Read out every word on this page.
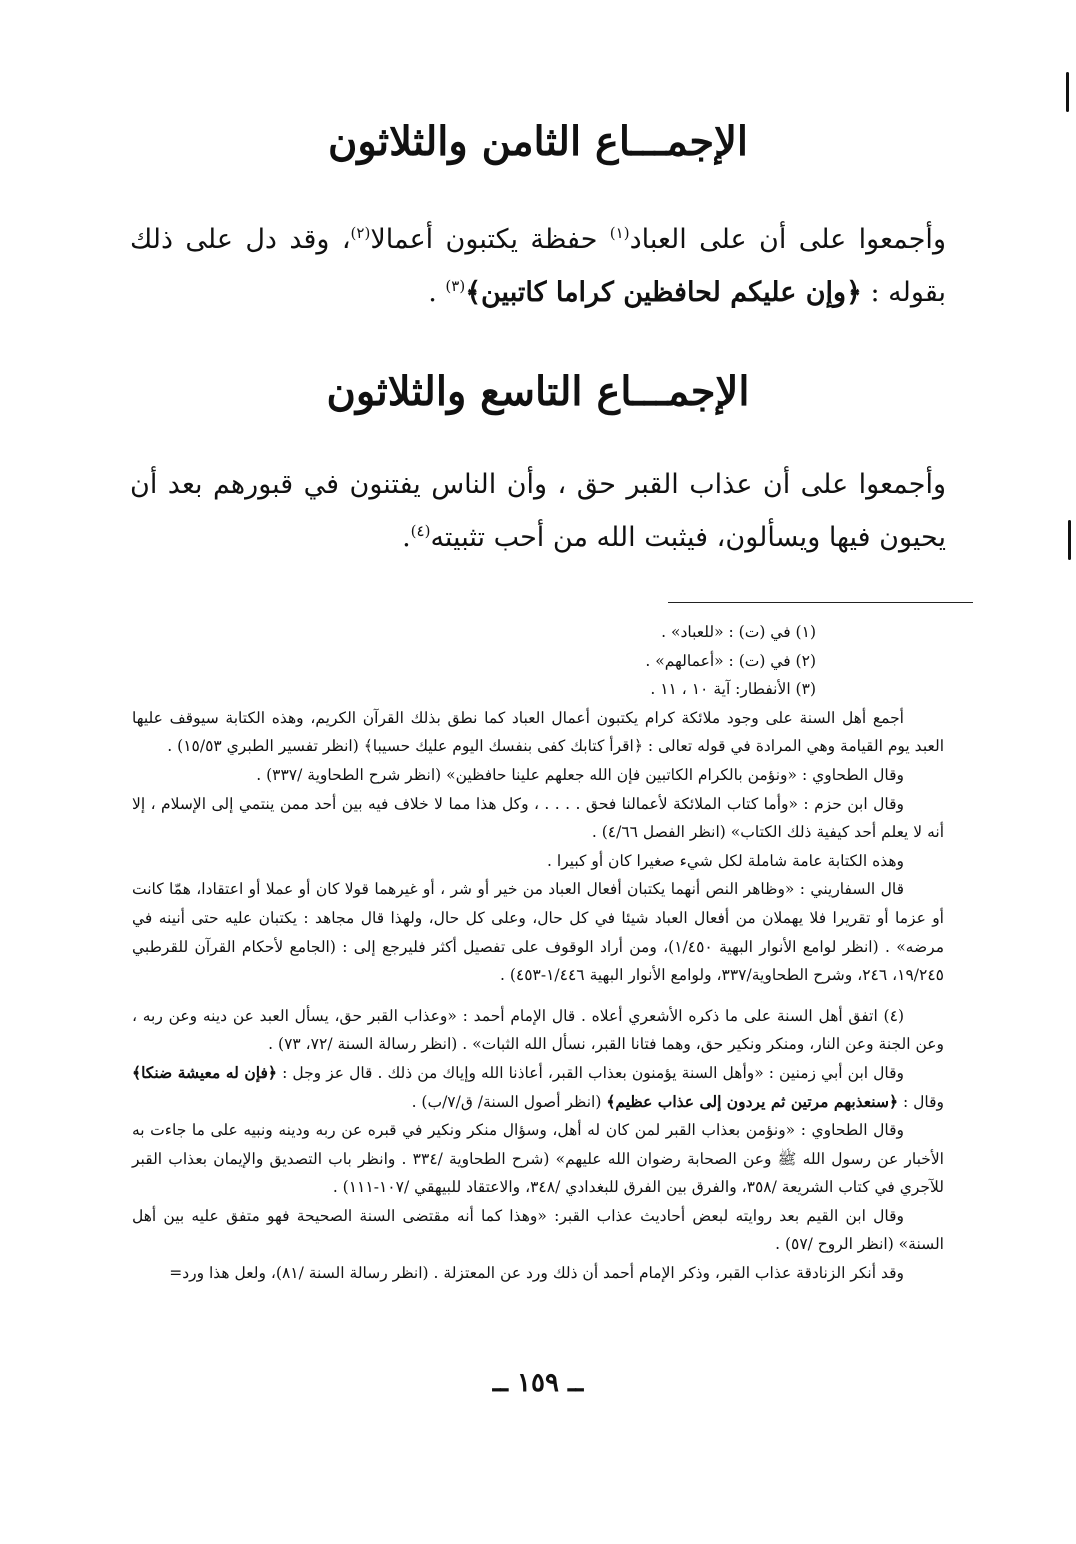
الإجمـــاع الثامن والثلاثون

وأجمعوا على أن على العباد$^{(١)}$ حفظة يكتبون أعمالا$^{(٢)}$، وقد دل على ذلك بقوله : ﴿وإن عليكم لحافظين كراما كاتبين﴾$^{(٣)}$ .

الإجمـــاع التاسع والثلاثون

وأجمعوا على أن عذاب القبر حق ، وأن الناس يفتنون في قبورهم بعد أن يحيون فيها ويسألون، فيثبت الله من أحب تثبيته$^{(٤)}$.

(١) في (ت) : «للعباد» .

(٢) في (ت) : «أعمالهم» .

(٣) الأنفطار: آية ١٠ ، ١١ .

أجمع أهل السنة على وجود ملائكة كرام يكتبون أعمال العباد كما نطق بذلك القرآن الكريم، وهذه الكتابة سيوقف عليها العبد يوم القيامة وهي المرادة في قوله تعالى : ﴿اقرأ كتابك كفى بنفسك اليوم عليك حسيبا﴾ (انظر تفسير الطبري ١٥/٥٣) .

وقال الطحاوي : «ونؤمن بالكرام الكاتبين فإن الله جعلهم علينا حافظين» (انظر شرح الطحاوية /٣٣٧) .

وقال ابن حزم : «وأما كتاب الملائكة لأعمالنا فحق . . . . ، وكل هذا مما لا خلاف فيه بين أحد ممن ينتمي إلى الإسلام ، إلا أنه لا يعلم أحد كيفية ذلك الكتاب» (انظر الفصل ٤/٦٦) .

وهذه الكتابة عامة شاملة لكل شيء صغيرا كان أو كبيرا .

قال السفاريني : «وظاهر النص أنهما يكتبان أفعال العباد من خير أو شر ، أو غيرهما قولا كان أو عملا أو اعتقادا، همّا كانت أو عزما أو تقريرا فلا يهملان من أفعال العباد شيئا في كل حال، وعلى كل حال، ولهذا قال مجاهد : يكتبان عليه حتى أنينه في مرضه» . (انظر لوامع الأنوار البهية ١/٤٥٠)، ومن أراد الوقوف على تفصيل أكثر فليرجع إلى : (الجامع لأحكام القرآن للقرطبي ١٩/٢٤٥، ٢٤٦، وشرح الطحاوية/٣٣٧، ولوامع الأنوار البهية ١/٤٤٦-٤٥٣) .

(٤) اتفق أهل السنة على ما ذكره الأشعري أعلاه . قال الإمام أحمد : «وعذاب القبر حق، يسأل العبد عن دينه وعن ربه ، وعن الجنة وعن النار، ومنكر ونكير حق، وهما فتانا القبر، نسأل الله الثبات» . (انظر رسالة السنة /٧٢، ٧٣) .

وقال ابن أبي زمنين : «وأهل السنة يؤمنون بعذاب القبر، أعاذنا الله وإياك من ذلك . قال عز وجل : ﴿فإن له معيشة ضنكا﴾ وقال : ﴿سنعذبهم مرتين ثم يردون إلى عذاب عظيم﴾ (انظر أصول السنة/ ق/٧/ب) .

وقال الطحاوي : «ونؤمن بعذاب القبر لمن كان له أهل، وسؤال منكر ونكير في قبره عن ربه ودينه ونبيه على ما جاءت به الأخبار عن رسول الله ﷺ وعن الصحابة رضوان الله عليهم» (شرح الطحاوية /٣٣٤ . وانظر باب التصديق والإيمان بعذاب القبر للآجري في كتاب الشريعة /٣٥٨، والفرق بين الفرق للبغدادي /٣٤٨، والاعتقاد للبيهقي /١٠٧-١١١) .

وقال ابن القيم بعد روايته لبعض أحاديث عذاب القبر: «وهذا كما أنه مقتضى السنة الصحيحة فهو متفق عليه بين أهل السنة» (انظر الروح /٥٧) .

وقد أنكر الزنادقة عذاب القبر، وذكر الإمام أحمد أن ذلك ورد عن المعتزلة . (انظر رسالة السنة /٨١)، ولعل هذا ورد=

ــ ١٥٩ ــ
